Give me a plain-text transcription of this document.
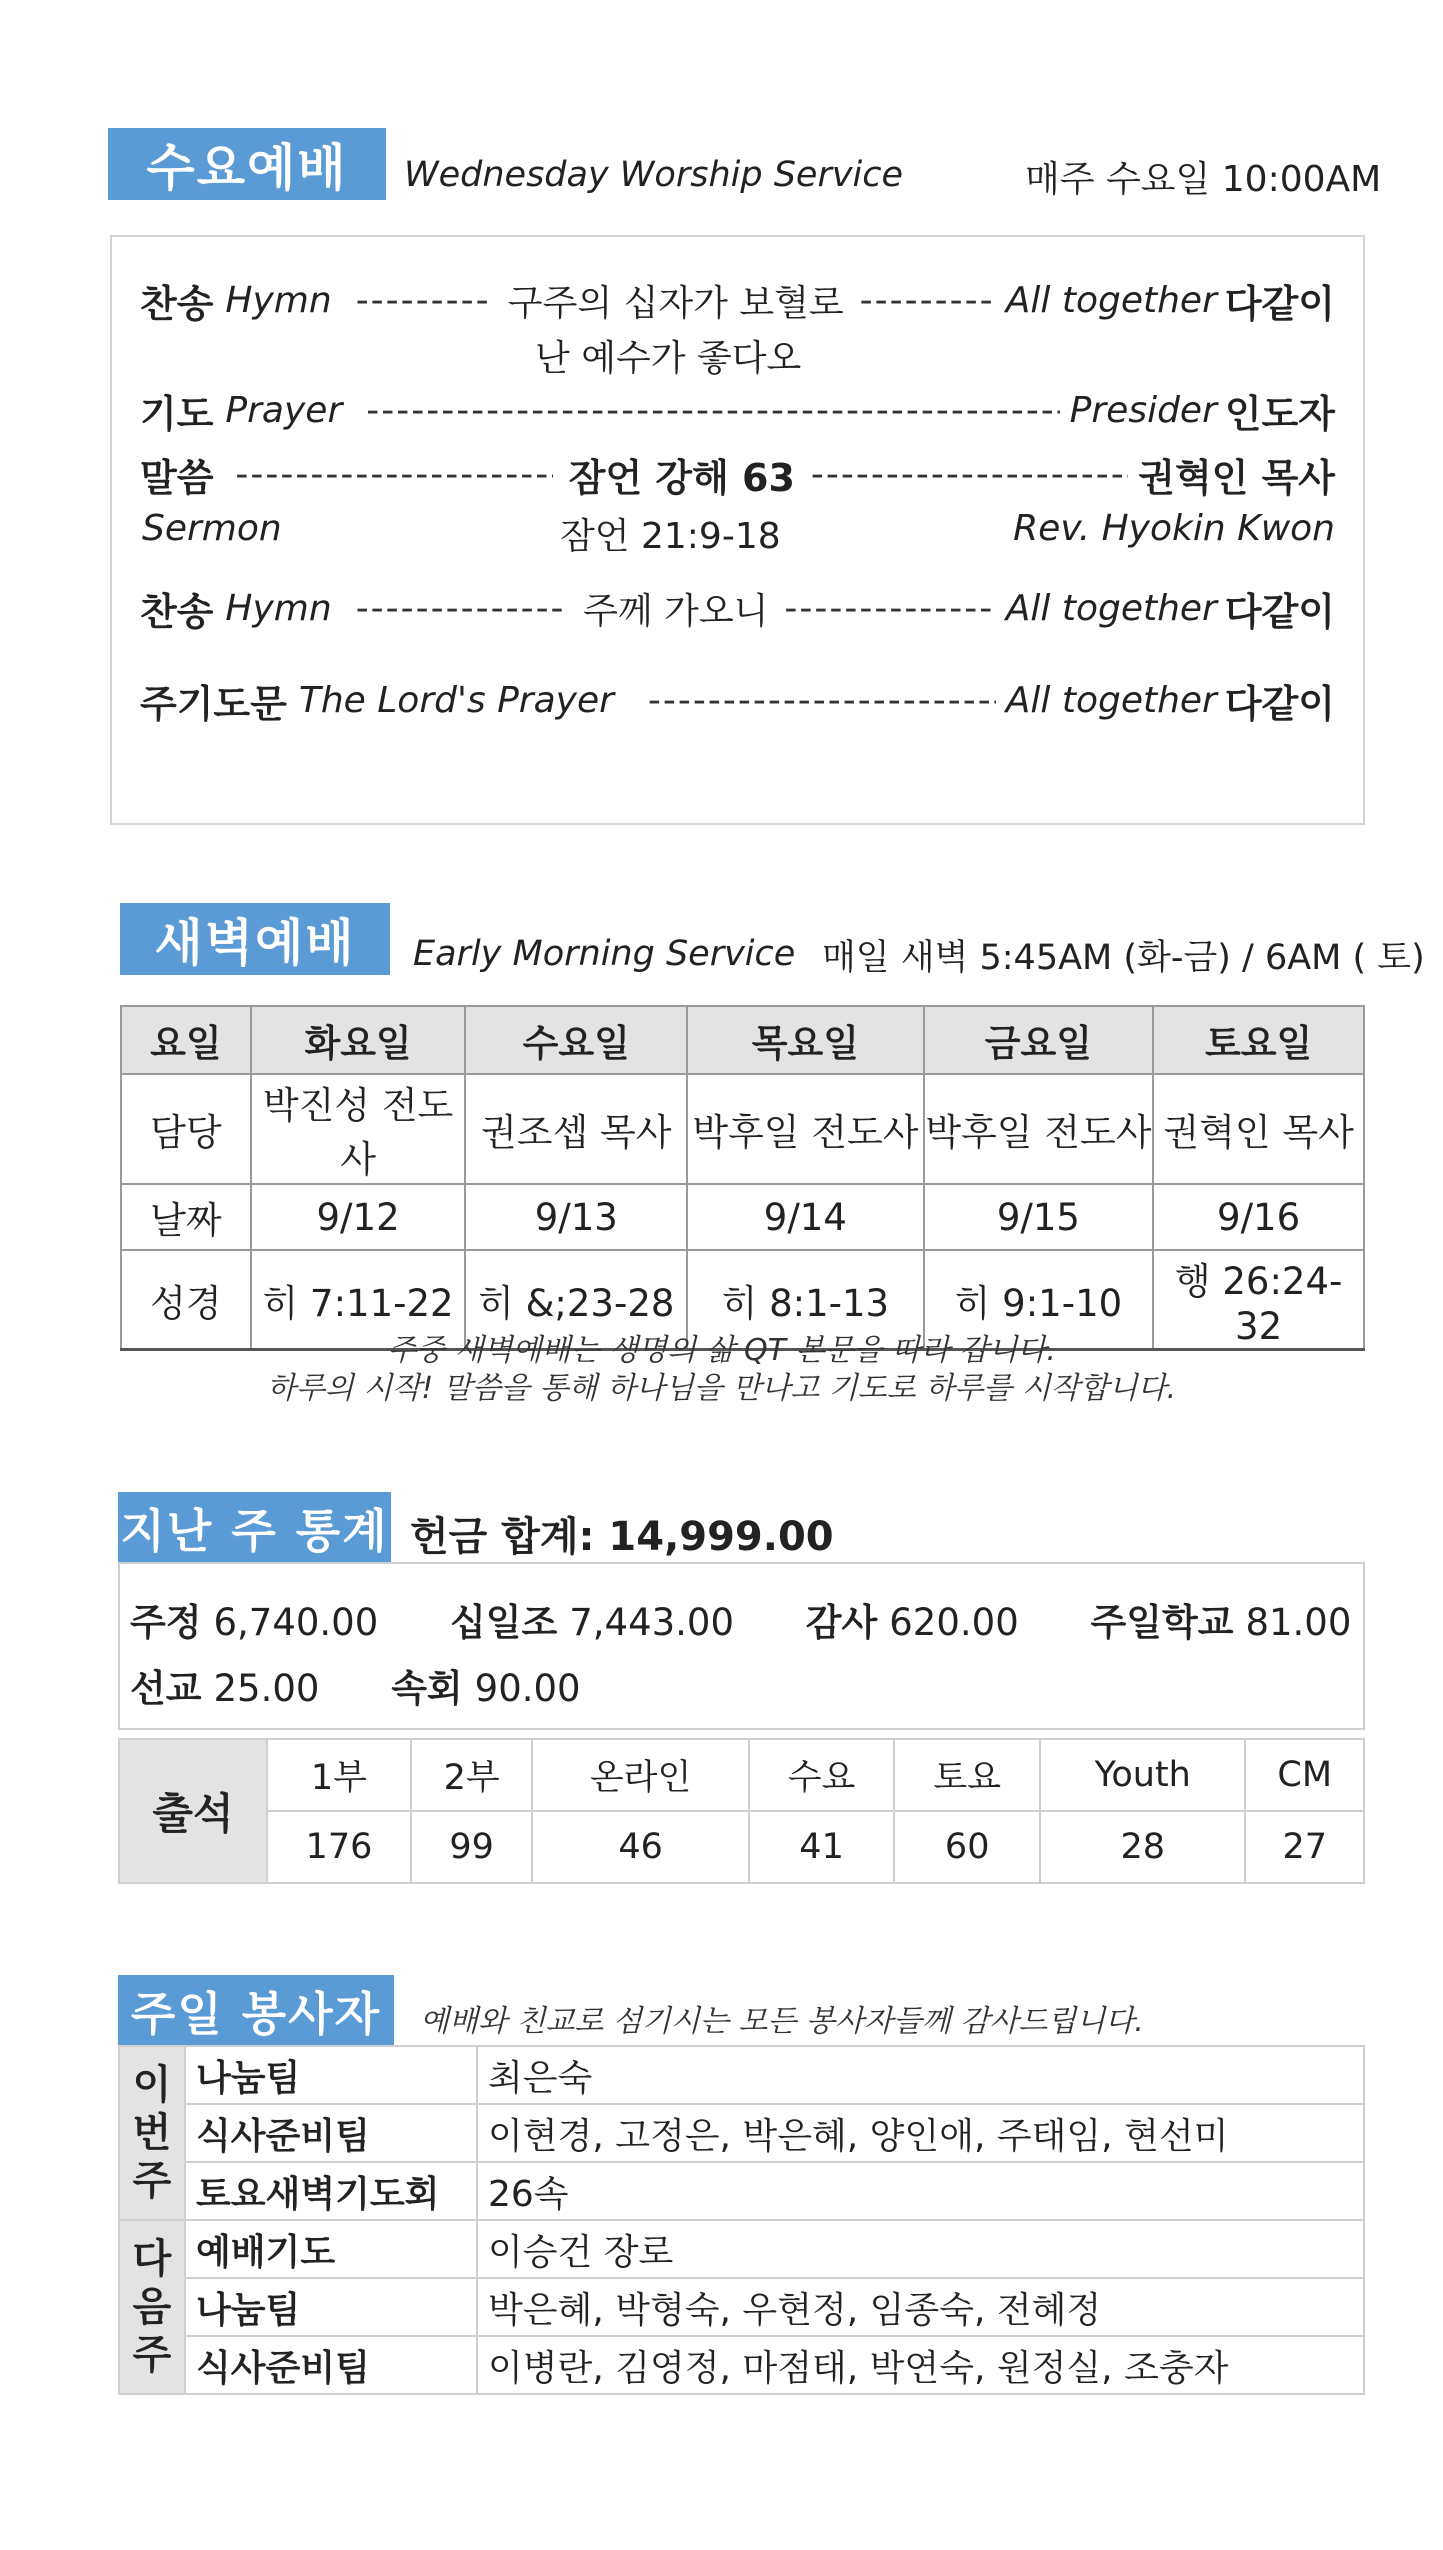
수요예배	Wednesday Worship Service	매주 수요일 10:00AM
찬송 Hymn -----	구주의 십자가 보혈로 -----	All together 다같이
난 예수가 좋다오
기도 Prayer -----	Presider 인도자
말씀 -----	잠언 강해 63 -----	권혁인 목사
Sermon	잠언 21:9-18	Rev. Hyokin Kwon
찬송 Hymn -----	주께 가오니 -----	All together 다같이
주기도문 The Lord's Prayer -----	All together 다같이
새벽예배	Early Morning Service 매일 새벽 5:45AM (화-금) / 6AM ( 토)
요일	화요일	수요일	목요일	금요일	토요일
담당	박진성 전도사	권조셉 목사	박후일 전도사	박후일 전도사	권혁인 목사
날짜	9/12	9/13	9/14	9/15	9/16
성경	히 7:11-22	히 &;23-28	히 8:1-13	히 9:1-10	행 26:24-32
주중 새벽예배는 생명의 삶 QT 본문을 따라 갑니다.
하루의 시작! 말씀을 통해 하나님을 만나고 기도로 하루를 시작합니다.
지난 주 통계 헌금 합계: 14,999.00
주정 6,740.00 십일조 7,443.00 감사 620.00 주일학교 81.00
선교 25.00 속회 90.00
출석	1부	2부	온라인	수요	토요	Youth	CM
	176	99	46	41	60	28	27
주일 봉사자	예배와 친교로 섬기시는 모든 봉사자들께 감사드립니다.
이 번 주	나눔팀	최은숙
	식사준비팀	이현경, 고정은, 박은혜, 양인애, 주태임, 현선미
	토요새벽기도회	26속
다 음 주	예배기도	이승건 장로
	나눔팀	박은혜, 박형숙, 우현정, 임종숙, 전혜정
	식사준비팀	이병란, 김영정, 마점태, 박연숙, 원정실, 조충자
